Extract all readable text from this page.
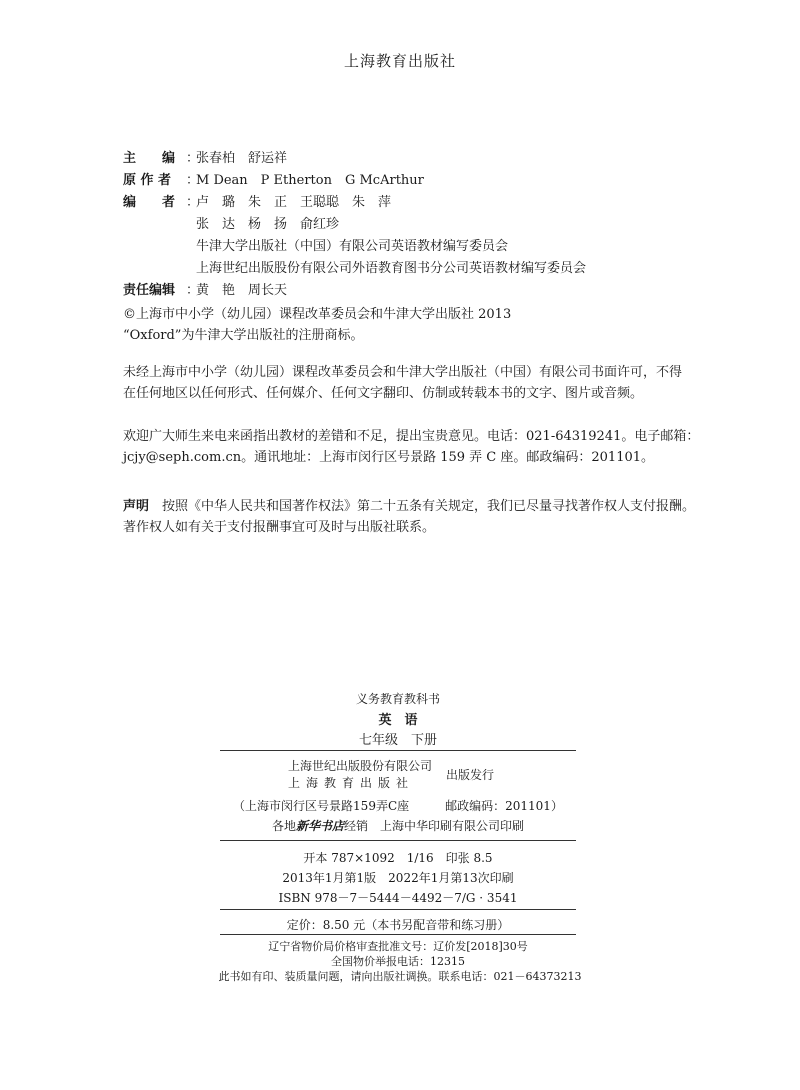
上海教育出版社
主　　编 ：
张春柏　舒运祥
原 作 者	：
M Dean　P Etherton　G McArthur
编　　者 ：
卢　璐　朱　正　王聪聪　朱　萍
张　达　杨　扬　俞红珍
牛津大学出版社（中国）有限公司英语教材编写委员会
上海世纪出版股份有限公司外语教育图书分公司英语教材编写委员会
责任编辑 ：
黄　艳　周长天
©上海市中小学（幼儿园）课程改革委员会和牛津大学出版社 2013
“Oxford”为牛津大学出版社的注册商标。
未经上海市中小学（幼儿园）课程改革委员会和牛津大学出版社（中国）有限公司书面许可，不得
在任何地区以任何形式、任何媒介、任何文字翻印、仿制或转载本书的文字、图片或音频。
欢迎广大师生来电来函指出教材的差错和不足，提出宝贵意见。电话：021-64319241。电子邮箱：
jcjy@seph.com.cn。通讯地址：上海市闵行区号景路 159 弄 C 座。邮政编码：201101。
声明　 按照《中华人民共和国著作权法》第二十五条有关规定，我们已尽量寻找著作权人支付报酬。
著作权人如有关于支付报酬事宜可及时与出版社联系。
义务教育教科书
英　语
七年级　下册
上海世纪出版股份有限公司
上海教育出版社
出版发行
（上海市闵行区号景路159弄C座　　　邮政编码：201101）
各地新华书店经销　上海中华印刷有限公司印刷
开本 787×1092　1/16　印张 8.5
2013年1月第1版　2022年1月第13次印刷
ISBN 978－7－5444－4492－7/G · 3541
定价：8.50 元（本书另配音带和练习册）
辽宁省物价局价格审查批准文号：辽价发[2018]30号
全国物价举报电话：12315
此书如有印、装质量问题，请向出版社调换。联系电话：021－64373213
